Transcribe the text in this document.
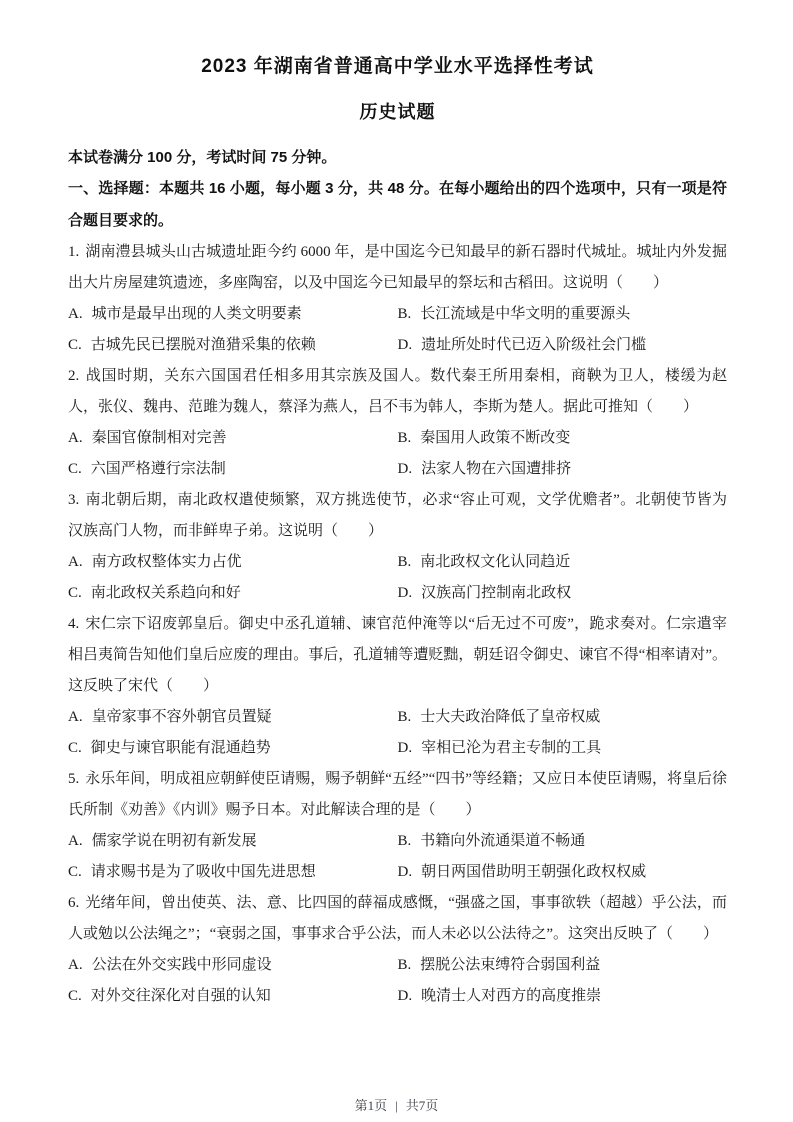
2023 年湖南省普通高中学业水平选择性考试
历史试题

本试卷满分 100 分，考试时间 75 分钟。

一、选择题：本题共 16 小题，每小题 3 分，共 48 分。在每小题给出的四个选项中，只有一项是符合题目要求的。

1. 湖南澧县城头山古城遗址距今约 6000 年，是中国迄今已知最早的新石器时代城址。城址内外发掘出大片房屋建筑遗迹，多座陶窑，以及中国迄今已知最早的祭坛和古稻田。这说明（　　）

A. 城市是最早出现的人类文明要素	B. 长江流域是中华文明的重要源头
C. 古城先民已摆脱对渔猎采集的依赖	D. 遗址所处时代已迈入阶级社会门槛

2. 战国时期，关东六国国君任相多用其宗族及国人。数代秦王所用秦相，商鞅为卫人，楼缓为赵人，张仪、魏冉、范雎为魏人，蔡泽为燕人，吕不韦为韩人，李斯为楚人。据此可推知（　　）

A. 秦国官僚制相对完善	B. 秦国用人政策不断改变
C. 六国严格遵行宗法制	D. 法家人物在六国遭排挤

3. 南北朝后期，南北政权遣使频繁，双方挑选使节，必求“容止可观，文学优赡者”。北朝使节皆为汉族高门人物，而非鲜卑子弟。这说明（　　）

A. 南方政权整体实力占优	B. 南北政权文化认同趋近
C. 南北政权关系趋向和好	D. 汉族高门控制南北政权

4. 宋仁宗下诏废郭皇后。御史中丞孔道辅、谏官范仲淹等以“后无过不可废”，跪求奏对。仁宗遣宰相吕夷简告知他们皇后应废的理由。事后，孔道辅等遭贬黜，朝廷诏令御史、谏官不得“相率请对”。这反映了宋代（　　）

A. 皇帝家事不容外朝官员置疑	B. 士大夫政治降低了皇帝权威
C. 御史与谏官职能有混通趋势	D. 宰相已沦为君主专制的工具

5. 永乐年间，明成祖应朝鲜使臣请赐，赐予朝鲜“五经”“四书”等经籍；又应日本使臣请赐，将皇后徐氏所制《劝善》《内训》赐予日本。对此解读合理的是（　　）

A. 儒家学说在明初有新发展	B. 书籍向外流通渠道不畅通
C. 请求赐书是为了吸收中国先进思想	D. 朝日两国借助明王朝强化政权权威

6. 光绪年间，曾出使英、法、意、比四国的薛福成感慨，“强盛之国，事事欲轶（超越）乎公法，而人或勉以公法绳之”；“衰弱之国，事事求合乎公法，而人未必以公法待之”。这突出反映了（　　）

A. 公法在外交实践中形同虚设	B. 摆脱公法束缚符合弱国利益
C. 对外交往深化对自强的认知	D. 晚清士人对西方的高度推崇
第1页 | 共7页
